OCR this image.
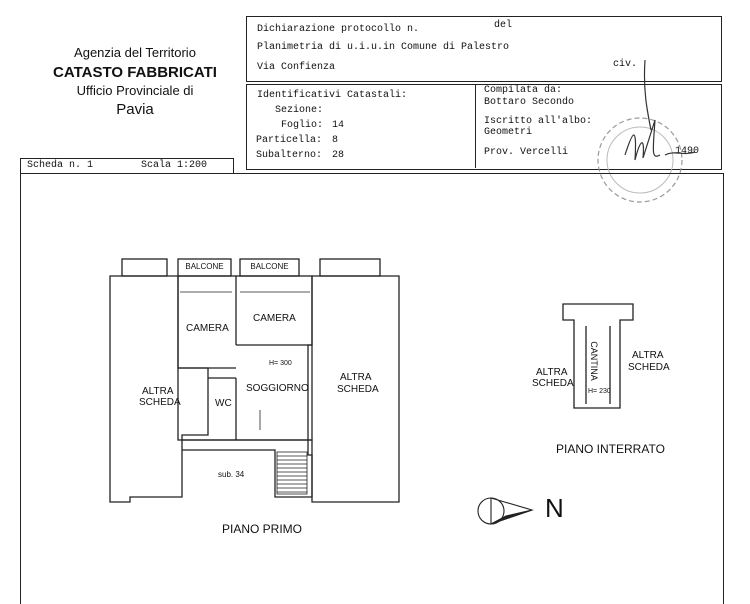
Agenzia del Territorio
CATASTO FABBRICATI
Ufficio Provinciale di
Pavia
Dichiarazione protocollo n.	del
Planimetria di u.i.u.in Comune di Palestro
Via Confienza	civ.
Identificativi Catastali:
Sezione:
Foglio: 14
Particella: 8
Subalterno: 28
Compilata da:
Bottaro Secondo
Iscritto all'albo:
Geometri
Prov. Vercelli	1490
Scheda n. 1	Scala 1:200
BALCONE	BALCONE
CAMERA
CAMERA
H= 300
SOGGIORNO
WC
ALTRA
SCHEDA
ALTRA
SCHEDA
sub. 34
PIANO PRIMO
ALTRA
SCHEDA
ALTRA
SCHEDA
CANTINA
H= 230
PIANO INTERRATO
N
